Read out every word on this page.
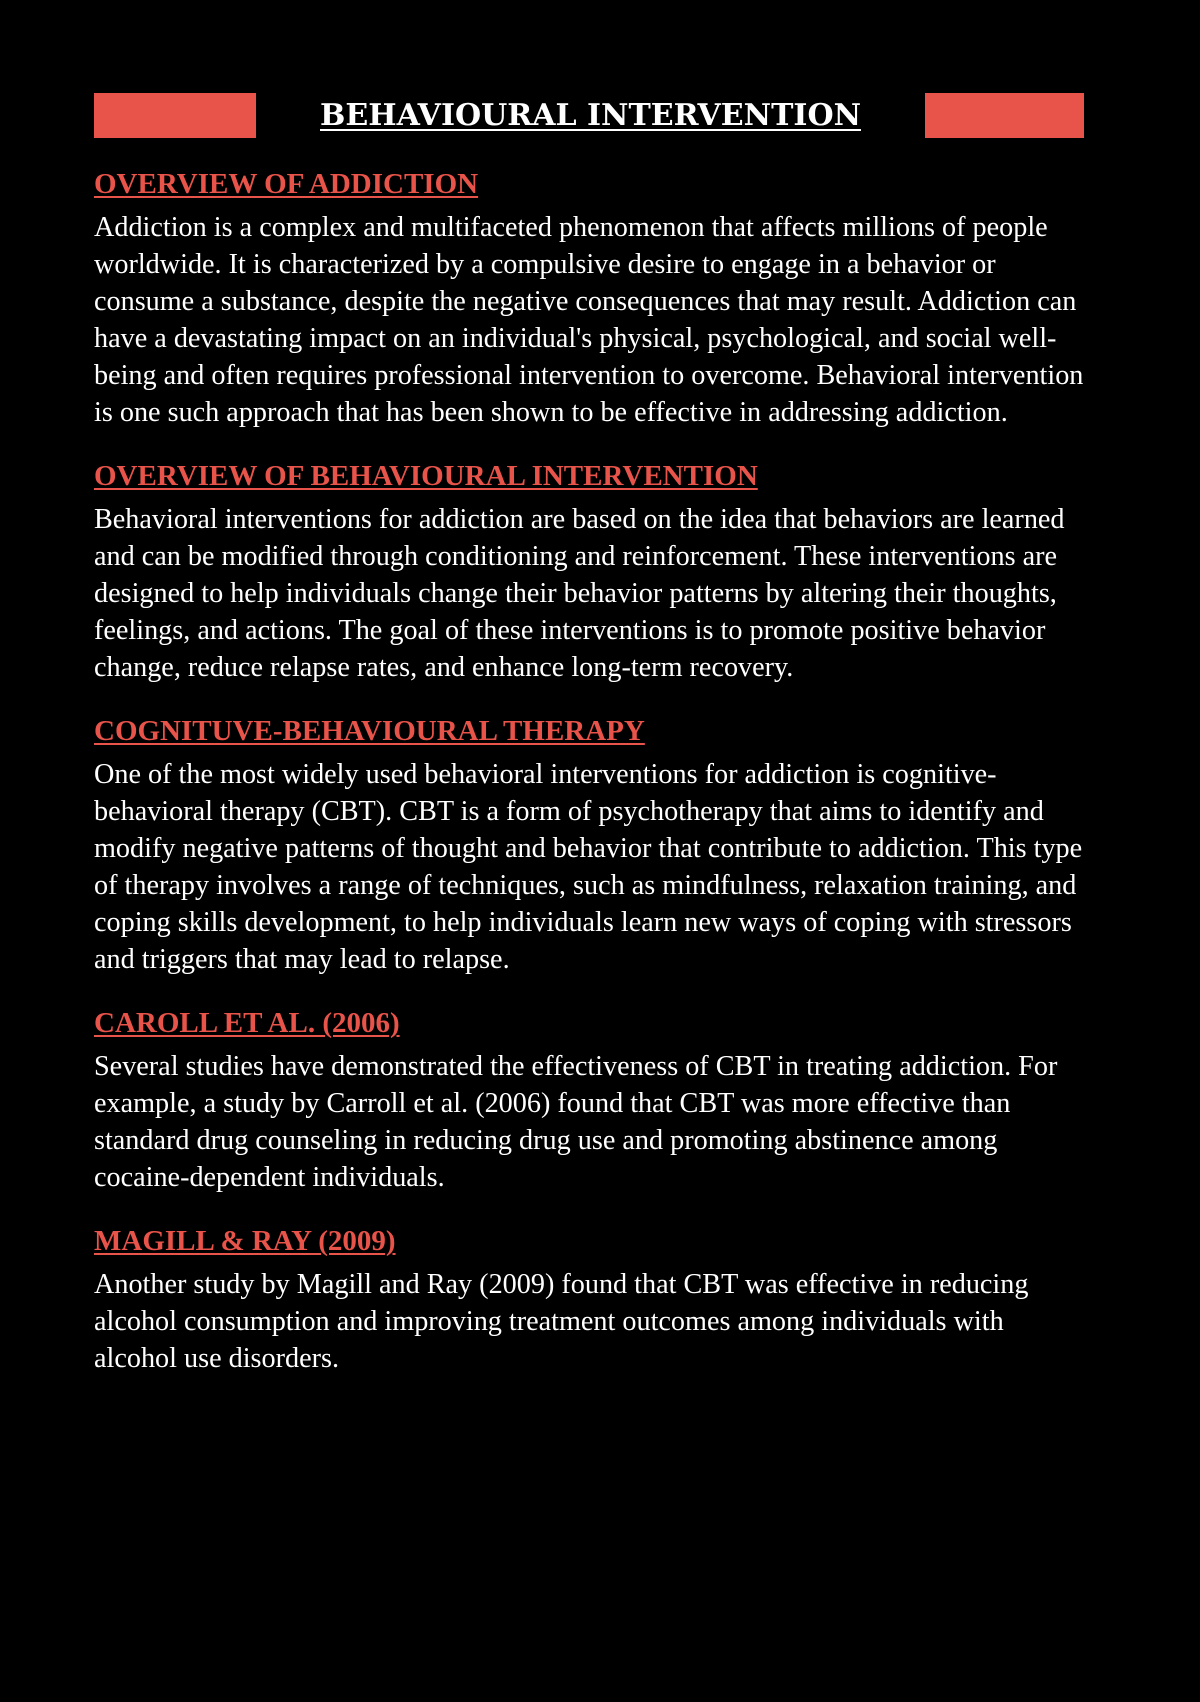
BEHAVIOURAL INTERVENTION
OVERVIEW OF ADDICTION

Addiction is a complex and multifaceted phenomenon that affects millions of people worldwide. It is characterized by a compulsive desire to engage in a behavior or consume a substance, despite the negative consequences that may result. Addiction can have a devastating impact on an individual's physical, psychological, and social well-being and often requires professional intervention to overcome. Behavioral intervention is one such approach that has been shown to be effective in addressing addiction.

OVERVIEW OF BEHAVIOURAL INTERVENTION

Behavioral interventions for addiction are based on the idea that behaviors are learned and can be modified through conditioning and reinforcement. These interventions are designed to help individuals change their behavior patterns by altering their thoughts, feelings, and actions. The goal of these interventions is to promote positive behavior change, reduce relapse rates, and enhance long-term recovery.

COGNITUVE-BEHAVIOURAL THERAPY

One of the most widely used behavioral interventions for addiction is cognitive-behavioral therapy (CBT). CBT is a form of psychotherapy that aims to identify and modify negative patterns of thought and behavior that contribute to addiction. This type of therapy involves a range of techniques, such as mindfulness, relaxation training, and coping skills development, to help individuals learn new ways of coping with stressors and triggers that may lead to relapse.

CAROLL ET AL. (2006)

Several studies have demonstrated the effectiveness of CBT in treating addiction. For example, a study by Carroll et al. (2006) found that CBT was more effective than standard drug counseling in reducing drug use and promoting abstinence among cocaine-dependent individuals.

MAGILL & RAY (2009)

Another study by Magill and Ray (2009) found that CBT was effective in reducing alcohol consumption and improving treatment outcomes among individuals with alcohol use disorders.
